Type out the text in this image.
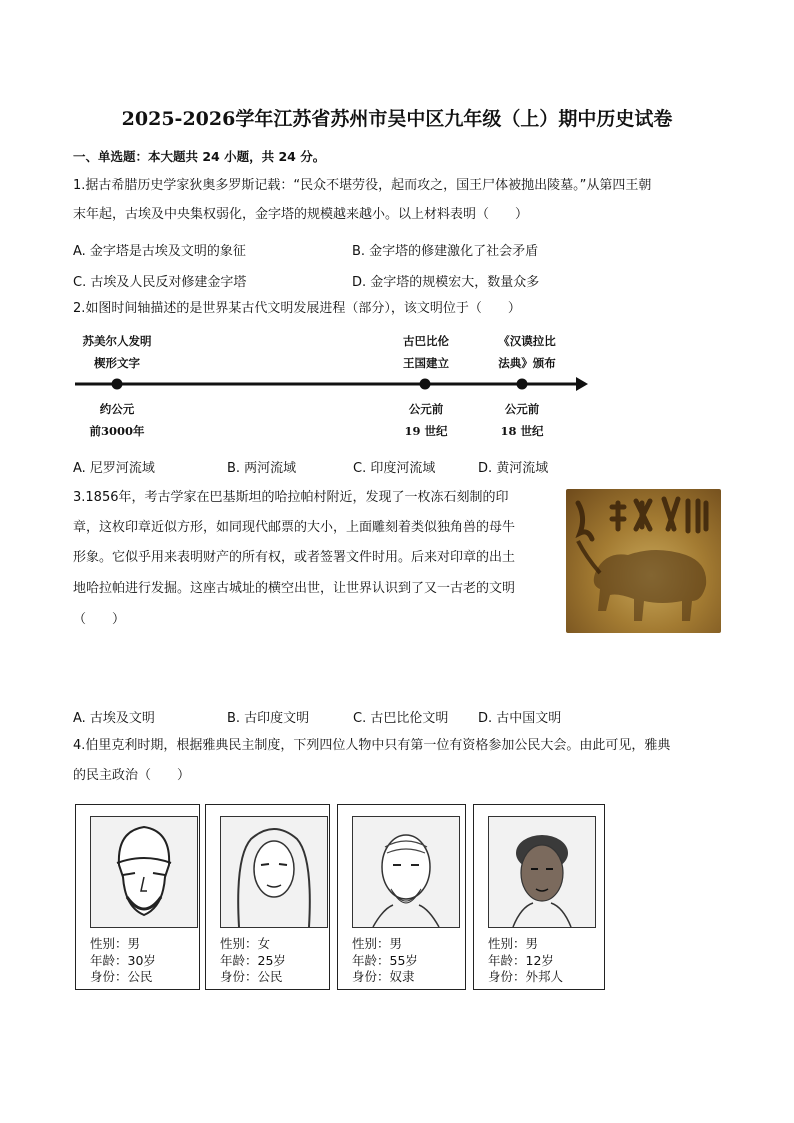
2025-2026学年江苏省苏州市吴中区九年级（上）期中历史试卷
一、单选题：本大题共 24 小题，共 24 分。
1.据古希腊历史学家狄奥多罗斯记载：“民众不堪劳役，起而攻之，国王尸体被抛出陵墓。”从第四王朝
末年起，古埃及中央集权弱化，金字塔的规模越来越小。以上材料表明（　　）
A. 金字塔是古埃及文明的象征	B. 金字塔的修建激化了社会矛盾
C. 古埃及人民反对修建金字塔	D. 金字塔的规模宏大，数量众多
2.如图时间轴描述的是世界某古代文明发展进程（部分），该文明位于（　　）
苏美尔人发明
楔形文字
约公元
前3000年
古巴比伦
王国建立
公元前
19 世纪
《汉谟拉比
法典》颁布
公元前
18 世纪
A. 尼罗河流域	B. 两河流域	C. 印度河流域	D. 黄河流域
3.1856年，考古学家在巴基斯坦的哈拉帕村附近，发现了一枚冻石刻制的印
章，这枚印章近似方形，如同现代邮票的大小，上面雕刻着类似独角兽的母牛
形象。它似乎用来表明财产的所有权，或者签署文件时用。后来对印章的出土
地哈拉帕进行发掘。这座古城址的横空出世，让世界认识到了又一古老的文明
（　　）
A. 古埃及文明	B. 古印度文明	C. 古巴比伦文明 D. 古中国文明
4.伯里克利时期，根据雅典民主制度，下列四位人物中只有第一位有资格参加公民大会。由此可见，雅典
的民主政治（　　）
性别：男
年龄：30岁
身份：公民
性别：女
年龄：25岁
身份：公民
性别：男
年龄：55岁
身份：奴隶
性别：男
年龄：12岁
身份：外邦人
